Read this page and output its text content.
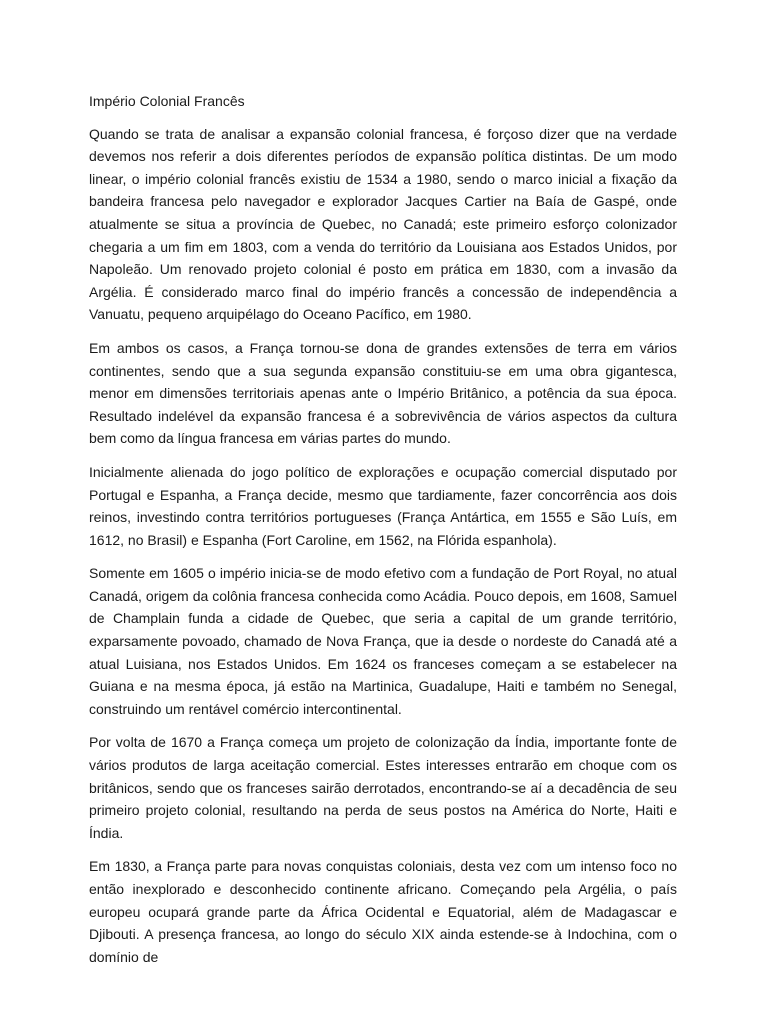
Império Colonial Francês

Quando se trata de analisar a expansão colonial francesa, é forçoso dizer que na verdade devemos nos referir a dois diferentes períodos de expansão política distintas. De um modo linear, o império colonial francês existiu de 1534 a 1980, sendo o marco inicial a fixação da bandeira francesa pelo navegador e explorador Jacques Cartier na Baía de Gaspé, onde atualmente se situa a província de Quebec, no Canadá; este primeiro esforço colonizador chegaria a um fim em 1803, com a venda do território da Louisiana aos Estados Unidos, por Napoleão. Um renovado projeto colonial é posto em prática em 1830, com a invasão da Argélia. É considerado marco final do império francês a concessão de independência a Vanuatu, pequeno arquipélago do Oceano Pacífico, em 1980.

Em ambos os casos, a França tornou-se dona de grandes extensões de terra em vários continentes, sendo que a sua segunda expansão constituiu-se em uma obra gigantesca, menor em dimensões territoriais apenas ante o Império Britânico, a potência da sua época. Resultado indelével da expansão francesa é a sobrevivência de vários aspectos da cultura bem como da língua francesa em várias partes do mundo.

Inicialmente alienada do jogo político de explorações e ocupação comercial disputado por Portugal e Espanha, a França decide, mesmo que tardiamente, fazer concorrência aos dois reinos, investindo contra territórios portugueses (França Antártica, em 1555 e São Luís, em 1612, no Brasil) e Espanha (Fort Caroline, em 1562, na Flórida espanhola).

Somente em 1605 o império inicia-se de modo efetivo com a fundação de Port Royal, no atual Canadá, origem da colônia francesa conhecida como Acádia. Pouco depois, em 1608, Samuel de Champlain funda a cidade de Quebec, que seria a capital de um grande território, exparsamente povoado, chamado de Nova França, que ia desde o nordeste do Canadá até a atual Luisiana, nos Estados Unidos. Em 1624 os franceses começam a se estabelecer na Guiana e na mesma época, já estão na Martinica, Guadalupe, Haiti e também no Senegal, construindo um rentável comércio intercontinental.

Por volta de 1670 a França começa um projeto de colonização da Índia, importante fonte de vários produtos de larga aceitação comercial. Estes interesses entrarão em choque com os britânicos, sendo que os franceses sairão derrotados, encontrando-se aí a decadência de seu primeiro projeto colonial, resultando na perda de seus postos na América do Norte, Haiti e Índia.

Em 1830, a França parte para novas conquistas coloniais, desta vez com um intenso foco no então inexplorado e desconhecido continente africano. Começando pela Argélia, o país europeu ocupará grande parte da África Ocidental e Equatorial, além de Madagascar e Djibouti. A presença francesa, ao longo do século XIX ainda estende-se à Indochina, com o domínio de
